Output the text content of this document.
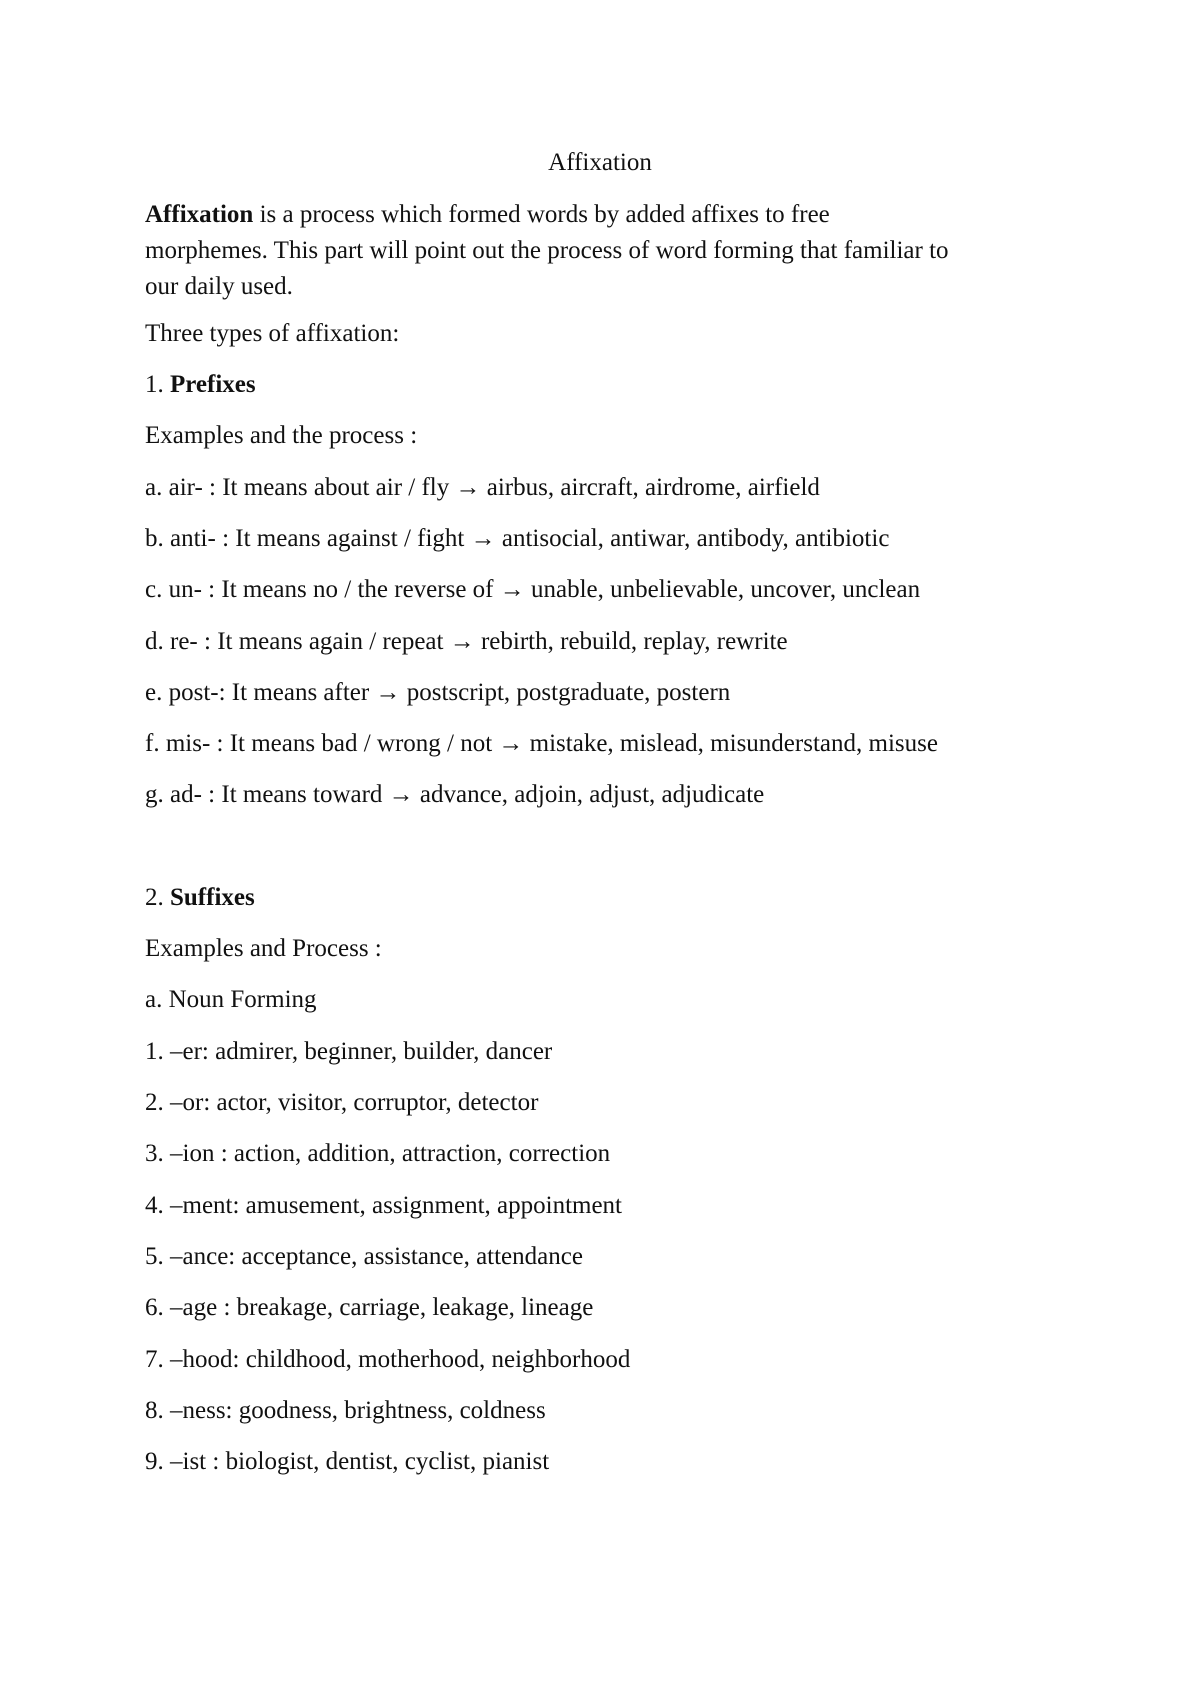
Affixation
Affixation is a process which formed words by added affixes to free
morphemes. This part will point out the process of word forming that familiar to
our daily used.
Three types of affixation:
1. Prefixes
Examples and the process :
a. air- : It means about air / fly → airbus, aircraft, airdrome, airfield
b. anti- : It means against / fight → antisocial, antiwar, antibody, antibiotic
c. un- : It means no / the reverse of → unable, unbelievable, uncover, unclean
d. re- : It means again / repeat → rebirth, rebuild, replay, rewrite
e. post-: It means after → postscript, postgraduate, postern
f. mis- : It means bad / wrong / not → mistake, mislead, misunderstand, misuse
g. ad- : It means toward → advance, adjoin, adjust, adjudicate
2. Suffixes
Examples and Process :
a. Noun Forming
1. –er: admirer, beginner, builder, dancer
2. –or: actor, visitor, corruptor, detector
3. –ion : action, addition, attraction, correction
4. –ment: amusement, assignment, appointment
5. –ance: acceptance, assistance, attendance
6. –age : breakage, carriage, leakage, lineage
7. –hood: childhood, motherhood, neighborhood
8. –ness: goodness, brightness, coldness
9. –ist : biologist, dentist, cyclist, pianist
